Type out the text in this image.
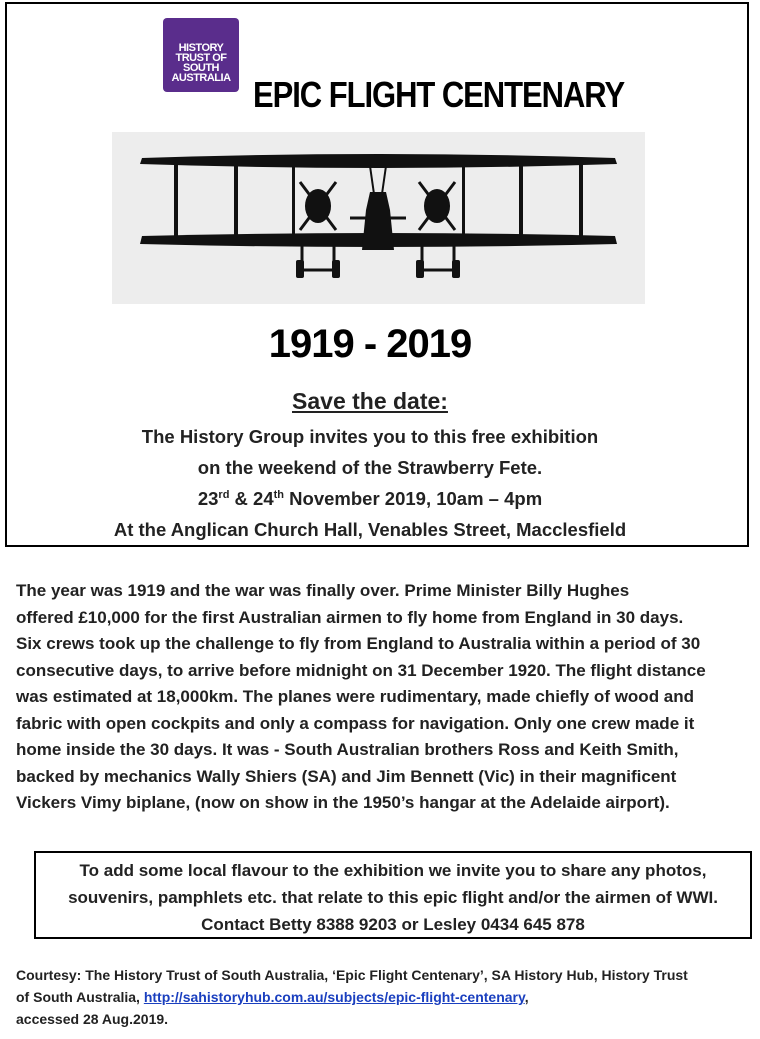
HISTORY TRUST OF SOUTH AUSTRALIA EPIC FLIGHT CENTENARY
1919 - 2019
Save the date:
The History Group invites you to this free exhibition
on the weekend of the Strawberry Fete.
23rd & 24th November 2019, 10am – 4pm
At the Anglican Church Hall, Venables Street, Macclesfield

The year was 1919 and the war was finally over. Prime Minister Billy Hughes

offered £10,000 for the first Australian airmen to fly home from England in 30 days.

Six crews took up the challenge to fly from England to Australia within a period of 30

consecutive days, to arrive before midnight on 31 December 1920. The flight distance

was estimated at 18,000km. The planes were rudimentary, made chiefly of wood and

fabric with open cockpits and only a compass for navigation. Only one crew made it

home inside the 30 days. It was - South Australian brothers Ross and Keith Smith,

backed by mechanics Wally Shiers (SA) and Jim Bennett (Vic) in their magnificent

Vickers Vimy biplane, (now on show in the 1950’s hangar at the Adelaide airport).

To add some local flavour to the exhibition we invite you to share any photos,

souvenirs, pamphlets etc. that relate to this epic flight and/or the airmen of WWI.

Contact Betty 8388 9203 or Lesley 0434 645 878

Courtesy: The History Trust of South Australia, ‘Epic Flight Centenary’, SA History Hub, History Trust

of South Australia, http://sahistoryhub.com.au/subjects/epic-flight-centenary,

accessed 28 Aug.2019.
